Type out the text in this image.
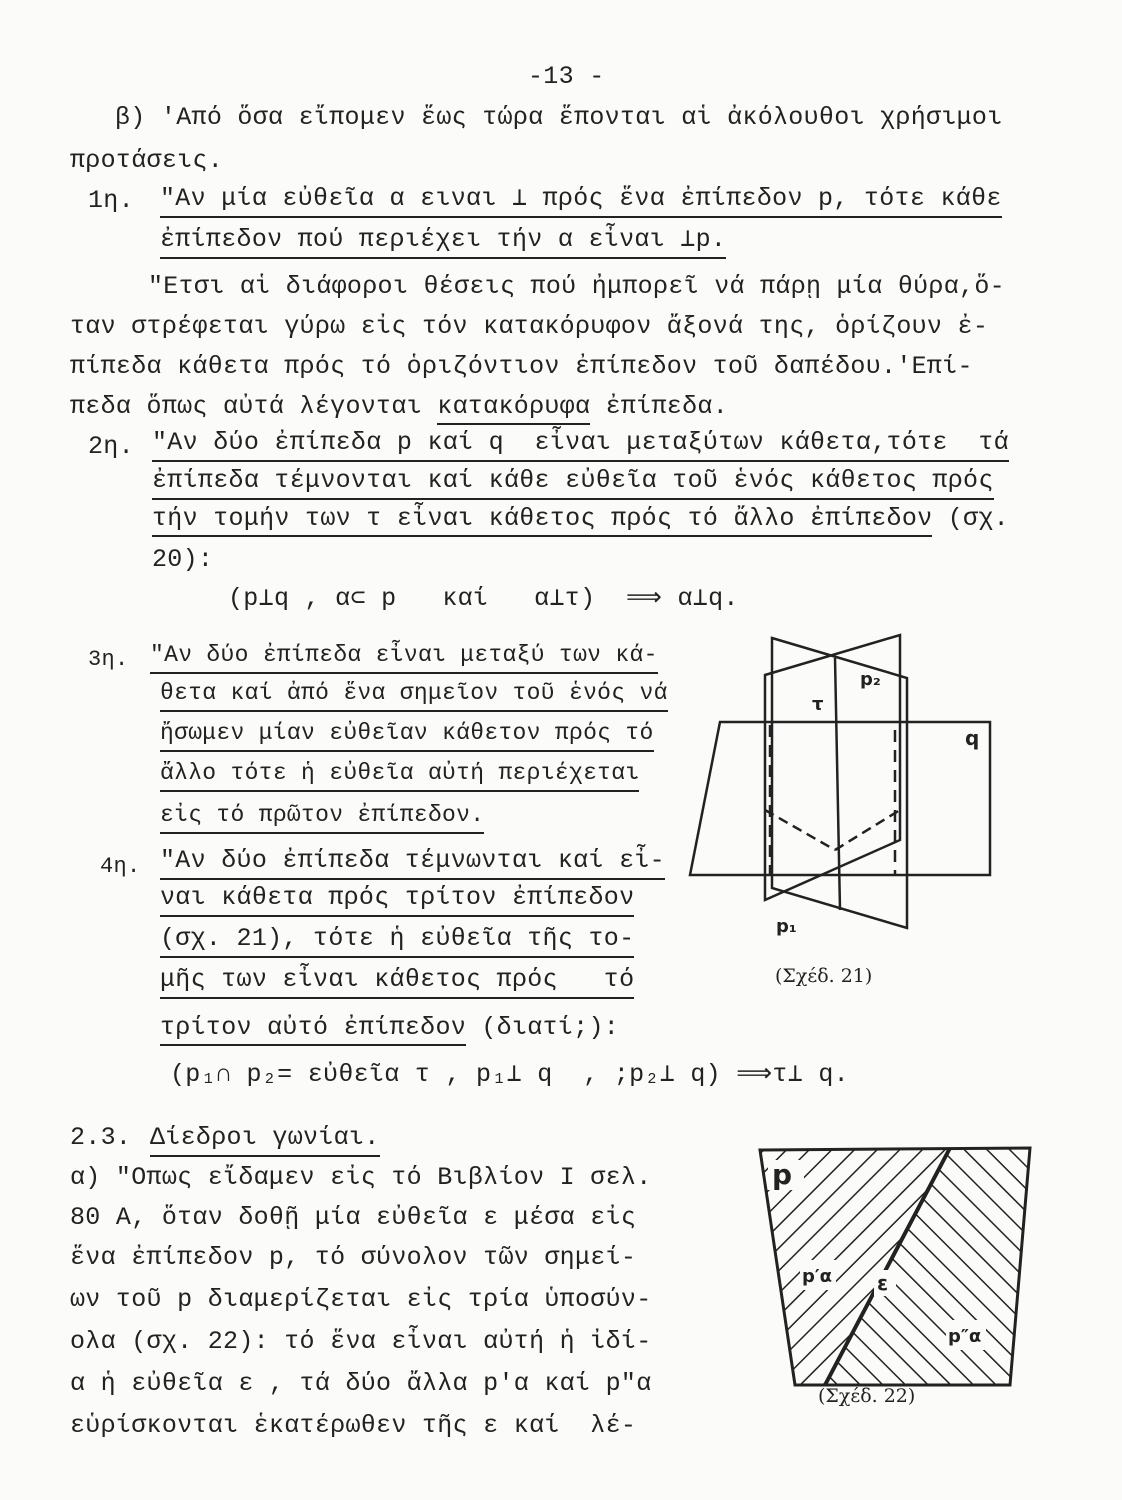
-13 -
β) 'Από ὅσα εἴπομεν ἕως τώρα ἕπονται αἱ ἀκόλουθοι χρήσιμοι
προτάσεις.
1η. "Αν μία εὐθεῖα α ειναι ⊥ πρός ἕνα ἐπίπεδον p, τότε κάθε
ἐπίπεδον πού περιέχει τήν α εἶναι ⊥p.
"Ετσι αἱ διάφοροι θέσεις πού ἠμπορεῖ νά πάρῃ μία θύρα,ὅ-
ταν στρέφεται γύρω εἰς τόν κατακόρυφον ἄξονά της, ὁρίζουν ἐ-
πίπεδα κάθετα πρός τό ὁριζόντιον ἐπίπεδον τοῦ δαπέδου.'Επί-
πεδα ὅπως αὐτά λέγονται κατακόρυφα ἐπίπεδα.
2η. "Αν δύο ἐπίπεδα p καί q  εἶναι μεταξύτων κάθετα,τότε  τά
ἐπίπεδα τέμνονται καί κάθε εὐθεῖα τοῦ ἑνός κάθετος πρός
τήν τομήν των τ εἶναι κάθετος πρός τό ἄλλο ἐπίπεδον (σχ.
20):
(p⊥q , α⊂ p   καί   α⊥τ)  ⟹ α⊥q.
3η. "Αν δύο ἐπίπεδα εἶναι μεταξύ των κά-
θετα καί ἀπό ἕνα σημεῖον τοῦ ἑνός νά
ἤσωμεν μίαν εὐθεῖαν κάθετον πρός τό
ἄλλο τότε ἡ εὐθεῖα αὐτή περιέχεται
εἰς τό πρῶτον ἐπίπεδον.
4η. "Αν δύο ἐπίπεδα τέμνωνται καί εἶ-
ναι κάθετα πρός τρίτον ἐπίπεδον
(σχ. 21), τότε ἡ εὐθεῖα τῆς το-
μῆς των εἶναι κάθετος πρός   τό
τρίτον αὐτό ἐπίπεδον (διατί;):
(p₁∩ p₂= εὐθεῖα τ , p₁⊥ q  , ;p₂⊥ q) ⟹τ⊥ q.
p₂
τ
q
p₁
(Σχέδ. 21)
2.3. Δίεδροι γωνίαι.
α) "Οπως εἴδαμεν εἰς τό Βιβλίον Ι σελ.
80 Α, ὅταν δοθῇ μία εὐθεῖα ε μέσα εἰς
ἕνα ἐπίπεδον p, τό σύνολον τῶν σημεί-
ων τοῦ p διαμερίζεται εἰς τρία ὑποσύν-
ολα (σχ. 22): τό ἕνα εἶναι αὐτή ἡ ἰδί-
α ἡ εὐθεῖα ε , τά δύο ἄλλα p′α καί p″α
εὑρίσκονται ἑκατέρωθεν τῆς ε καί  λέ-
p
p′α ε
p″α
(Σχέδ. 22)
